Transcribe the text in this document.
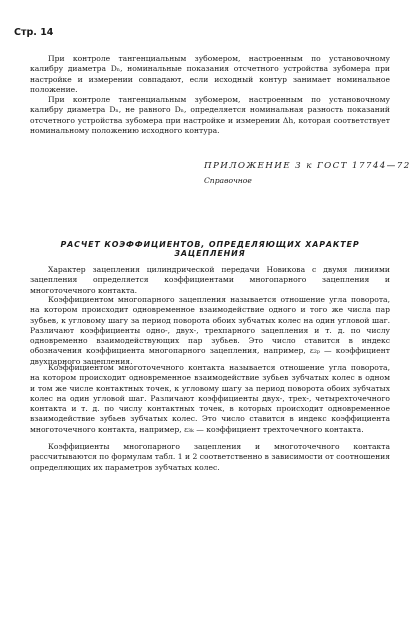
Стр. 14

При контроле тангенциальным зубомером, настроенным по установочному калибру диаметра Dₙ, номинальные показания отсчетного устройства зубомера при настройке и измерении совпадают, если исходный контур занимает номинальное положение.

При контроле тангенциальным зубомером, настроенным по установочному калибру диаметра Dₙ, не равного Dₙ, определяется номинальная разность показаний отсчетного устройства зубомера при настройке и измерении Δh, которая соответствует номинальному положению исходного контура.

ПРИЛОЖЕНИЕ 3 к ГОСТ 17744—72
Справочное
РАСЧЕТ КОЭФФИЦИЕНТОВ, ОПРЕДЕЛЯЮЩИХ ХАРАКТЕР ЗАЦЕПЛЕНИЯ

Характер зацепления цилиндрической передачи Новикова с двумя линиями зацепления определяется коэффициентами многопарного зацепления и многоточечного контакта.

Коэффициентом многопарного зацепления называется отношение угла поворота, на котором происходит одновременное взаимодействие одного и того же числа пар зубьев, к угловому шагу за период поворота обоих зубчатых колес на один угловой шаг. Различают коэффициенты одно-, двух-, трехпарного зацепления и т. д. по числу одновременно взаимодействующих пар зубьев. Это число ставится в индекс обозначения коэффициента многопарного зацепления, например, ε₂ₚ — коэффициент двухпарного зацепления.

Коэффициентом многоточечного контакта называется отношение угла поворота, на котором происходит одновременное взаимодействие зубьев зубчатых колес в одном и том же числе контактных точек, к угловому шагу за период поворота обоих зубчатых колес на один угловой шаг. Различают коэффициенты двух-, трех-, четырехточечного контакта и т. д. по числу контактных точек, в которых происходит одновременное взаимодействие зубьев зубчатых колес. Это число ставится в индекс коэффициента многоточечного контакта, например, ε₃ₖ — коэффициент трехточечного контакта.

Коэффициенты многопарного зацепления и многоточечного контакта рассчитываются по формулам табл. 1 и 2 соответственно в зависимости от соотношения определяющих их параметров зубчатых колес.
